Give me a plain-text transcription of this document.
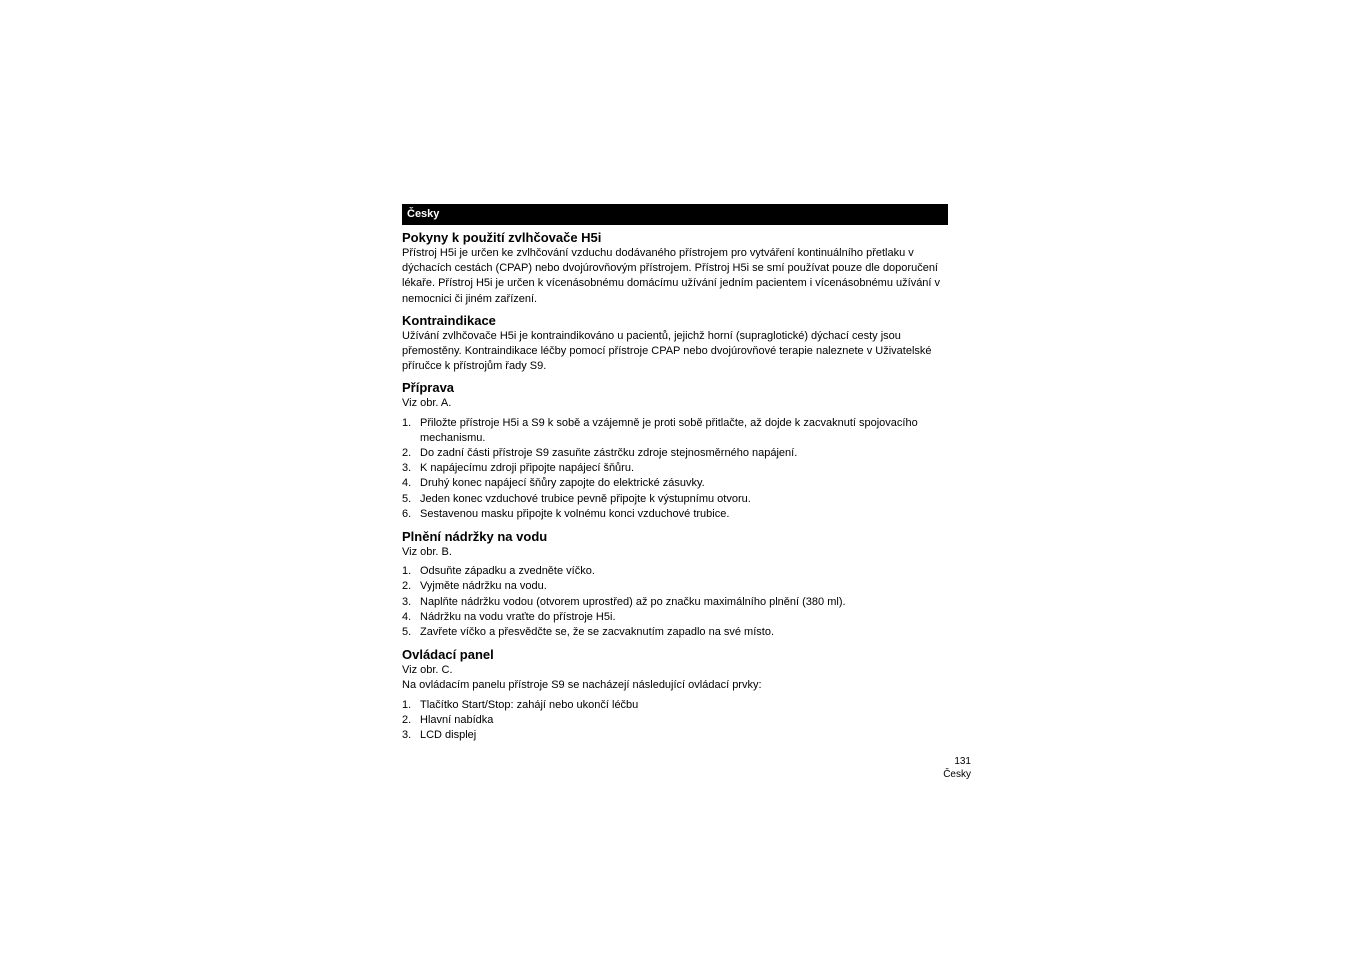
Česky
Pokyny k použití zvlhčovače H5i

Přístroj H5i je určen ke zvlhčování vzduchu dodávaného přístrojem pro vytváření kontinuálního přetlaku v dýchacích cestách (CPAP) nebo dvojúrovňovým přístrojem. Přístroj H5i se smí používat pouze dle doporučení lékaře. Přístroj H5i je určen k vícenásobnému domácímu užívání jedním pacientem i vícenásobnému užívání v nemocnici či jiném zařízení.

Kontraindikace

Užívání zvlhčovače H5i je kontraindikováno u pacientů, jejichž horní (supraglotické) dýchací cesty jsou přemostěny. Kontraindikace léčby pomocí přístroje CPAP nebo dvojúrovňové terapie naleznete v Uživatelské příručce k přístrojům řady S9.

Příprava

Viz obr. A.

1. Přiložte přístroje H5i a S9 k sobě a vzájemně je proti sobě přitlačte, až dojde k zacvaknutí spojovacího mechanismu.
2. Do zadní části přístroje S9 zasuňte zástrčku zdroje stejnosměrného napájení.
3. K napájecímu zdroji připojte napájecí šňůru.
4. Druhý konec napájecí šňůry zapojte do elektrické zásuvky.
5. Jeden konec vzduchové trubice pevně připojte k výstupnímu otvoru.
6. Sestavenou masku připojte k volnému konci vzduchové trubice.
Plnění nádržky na vodu

Viz obr. B.

1. Odsuňte západku a zvedněte víčko.
2. Vyjměte nádržku na vodu.
3. Naplňte nádržku vodou (otvorem uprostřed) až po značku maximálního plnění (380 ml).
4. Nádržku na vodu vraťte do přístroje H5i.
5. Zavřete víčko a přesvědčte se, že se zacvaknutím zapadlo na své místo.
Ovládací panel

Viz obr. C.

Na ovládacím panelu přístroje S9 se nacházejí následující ovládací prvky:

1. Tlačítko Start/Stop: zahájí nebo ukončí léčbu
2. Hlavní nabídka
3. LCD displej
131
Česky
